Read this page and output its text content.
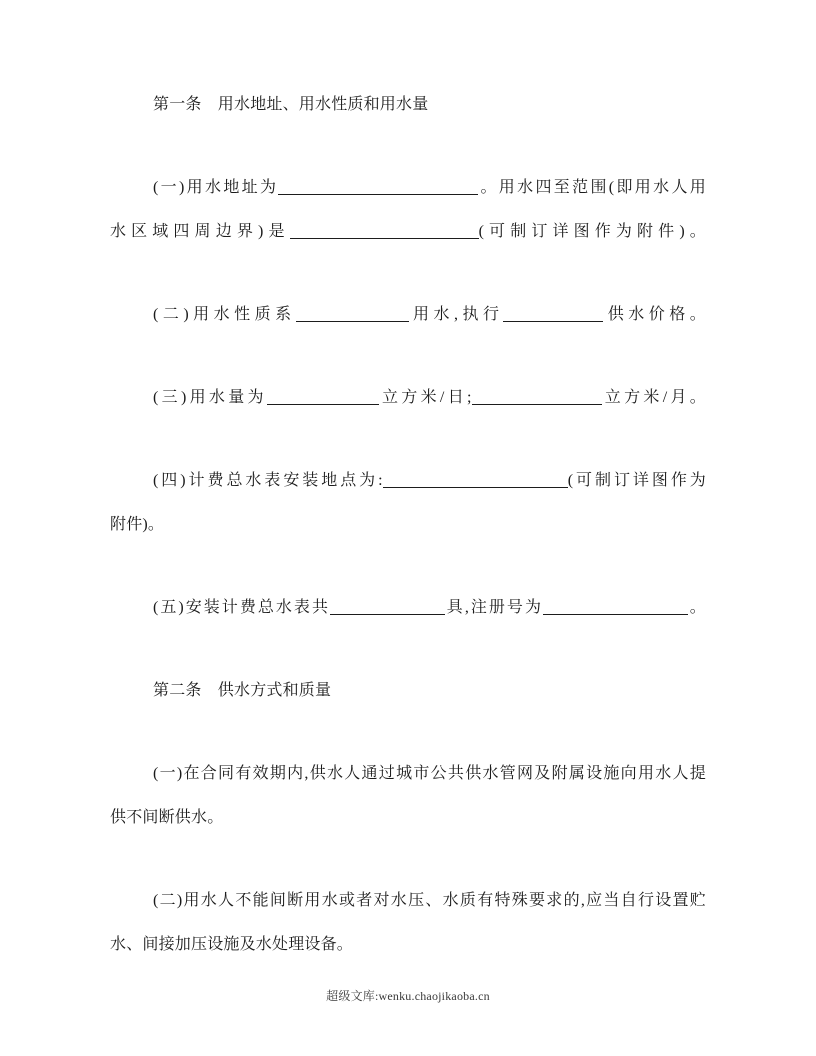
第一条　用水地址、用水性质和用水量
(一)用水地址为	。用水四至范围(即用水人用
水区域四周边界)是	(可制订详图作为附件)。
(二)用水性质系	用水,执行	供水价格。
(三)用水量为	立方米/日;	立方米/月。
(四)计费总水表安装地点为:	(可制订详图作为
附件)。
(五)安装计费总水表共	具,注册号为	。
第二条　供水方式和质量
(一)在合同有效期内,供水人通过城市公共供水管网及附属设施向用水人提
供不间断供水。
(二)用水人不能间断用水或者对水压、水质有特殊要求的,应当自行设置贮
水、间接加压设施及水处理设备。
超级文库:wenku.chaojikaoba.cn
